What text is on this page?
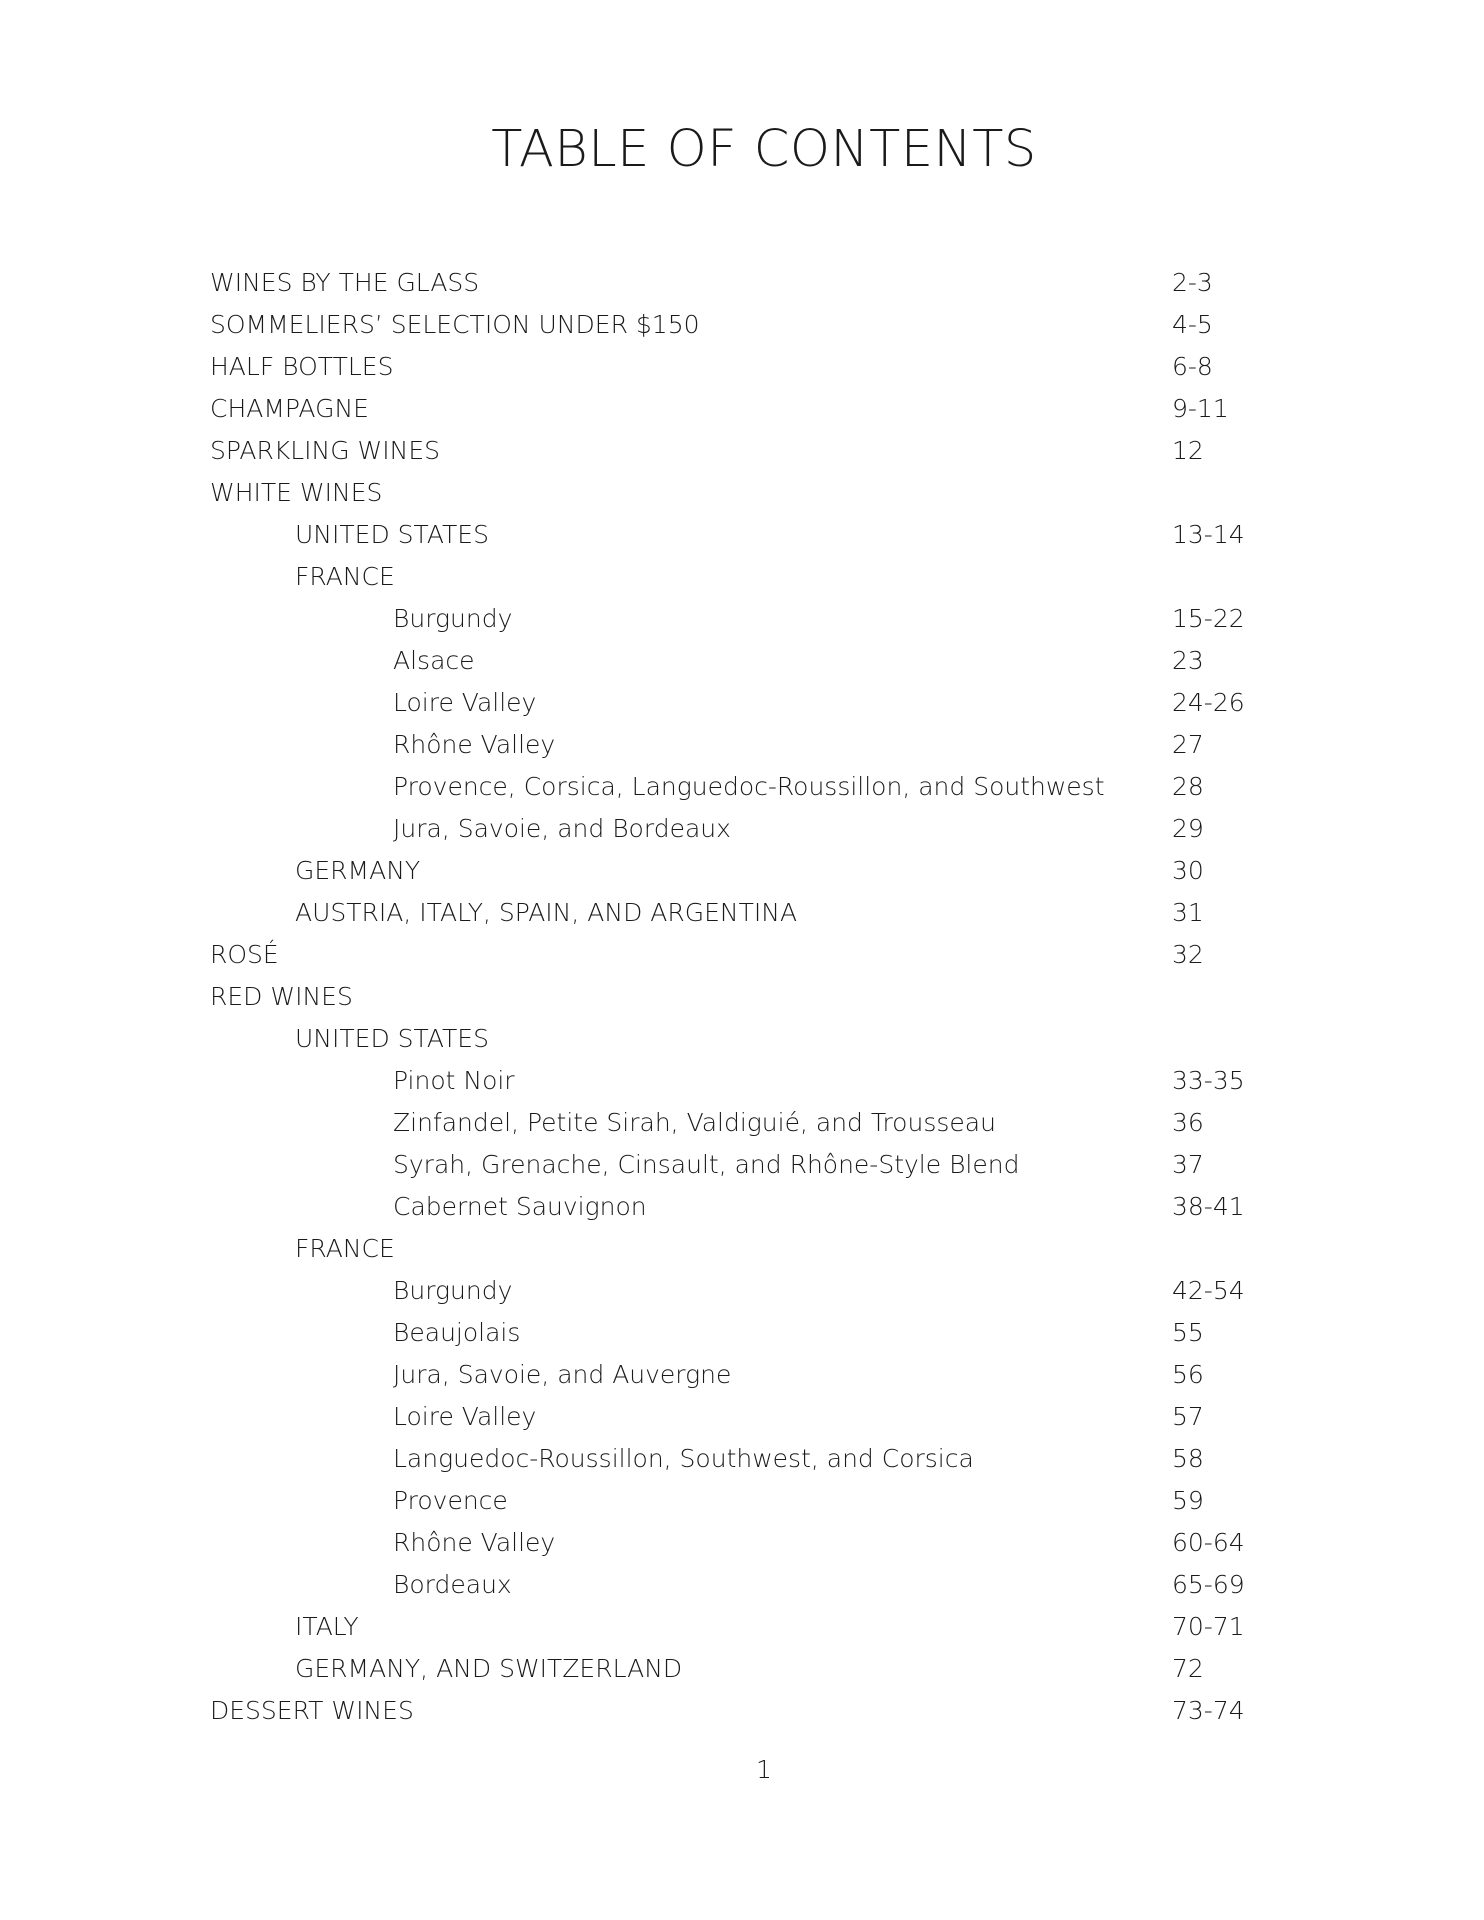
TABLE OF CONTENTS
WINES BY THE GLASS	2-3
SOMMELIERS’ SELECTION UNDER $150	4-5
HALF BOTTLES	6-8
CHAMPAGNE	9-11
SPARKLING WINES	12
WHITE WINES
UNITED STATES	13-14
FRANCE
Burgundy	15-22
Alsace	23
Loire Valley	24-26
Rhône Valley	27
Provence, Corsica, Languedoc-Roussillon, and Southwest	28
Jura, Savoie, and Bordeaux	29
GERMANY	30
AUSTRIA, ITALY, SPAIN, AND ARGENTINA	31
ROSÉ	32
RED WINES
UNITED STATES
Pinot Noir	33-35
Zinfandel, Petite Sirah, Valdiguié, and Trousseau	36
Syrah, Grenache, Cinsault, and Rhône-Style Blend	37
Cabernet Sauvignon	38-41
FRANCE
Burgundy	42-54
Beaujolais	55
Jura, Savoie, and Auvergne	56
Loire Valley	57
Languedoc-Roussillon, Southwest, and Corsica	58
Provence	59
Rhône Valley	60-64
Bordeaux	65-69
ITALY	70-71
GERMANY, AND SWITZERLAND	72
DESSERT WINES	73-74
1
